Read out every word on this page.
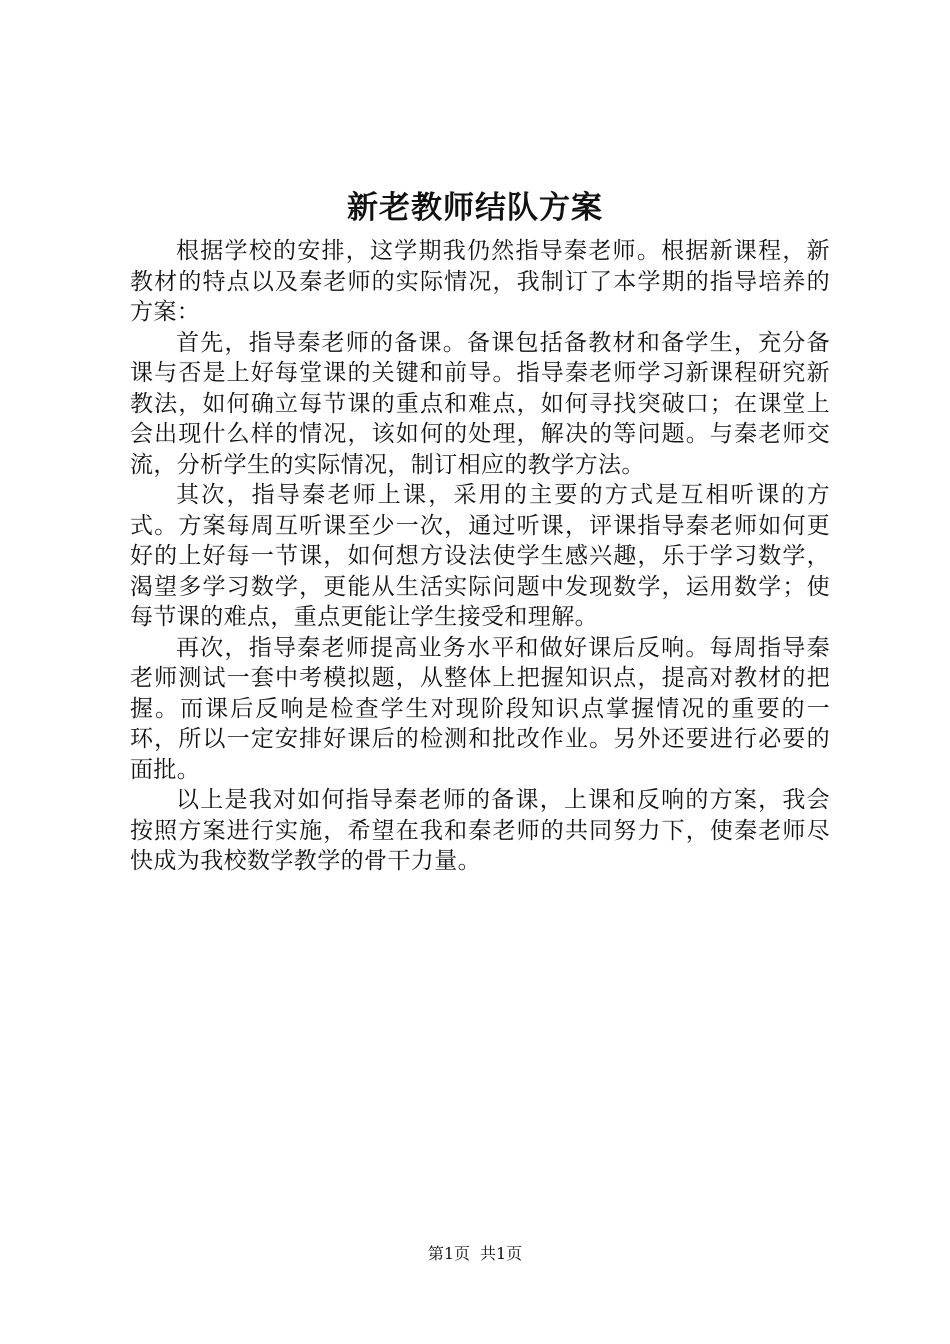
新老教师结队方案

根据学校的安排，这学期我仍然指导秦老师。根据新课程，新教材的特点以及秦老师的实际情况，我制订了本学期的指导培养的方案：

首先，指导秦老师的备课。备课包括备教材和备学生，充分备课与否是上好每堂课的关键和前导。指导秦老师学习新课程研究新教法，如何确立每节课的重点和难点，如何寻找突破口；在课堂上会出现什么样的情况，该如何的处理，解决的等问题。与秦老师交流，分析学生的实际情况，制订相应的教学方法。

其次，指导秦老师上课，采用的主要的方式是互相听课的方式。方案每周互听课至少一次，通过听课，评课指导秦老师如何更好的上好每一节课，如何想方设法使学生感兴趣，乐于学习数学，渴望多学习数学，更能从生活实际问题中发现数学，运用数学；使每节课的难点，重点更能让学生接受和理解。

再次，指导秦老师提高业务水平和做好课后反响。每周指导秦老师测试一套中考模拟题，从整体上把握知识点，提高对教材的把握。而课后反响是检查学生对现阶段知识点掌握情况的重要的一环，所以一定安排好课后的检测和批改作业。另外还要进行必要的面批。

以上是我对如何指导秦老师的备课，上课和反响的方案，我会按照方案进行实施，希望在我和秦老师的共同努力下，使秦老师尽快成为我校数学教学的骨干力量。

第1页 共1页
